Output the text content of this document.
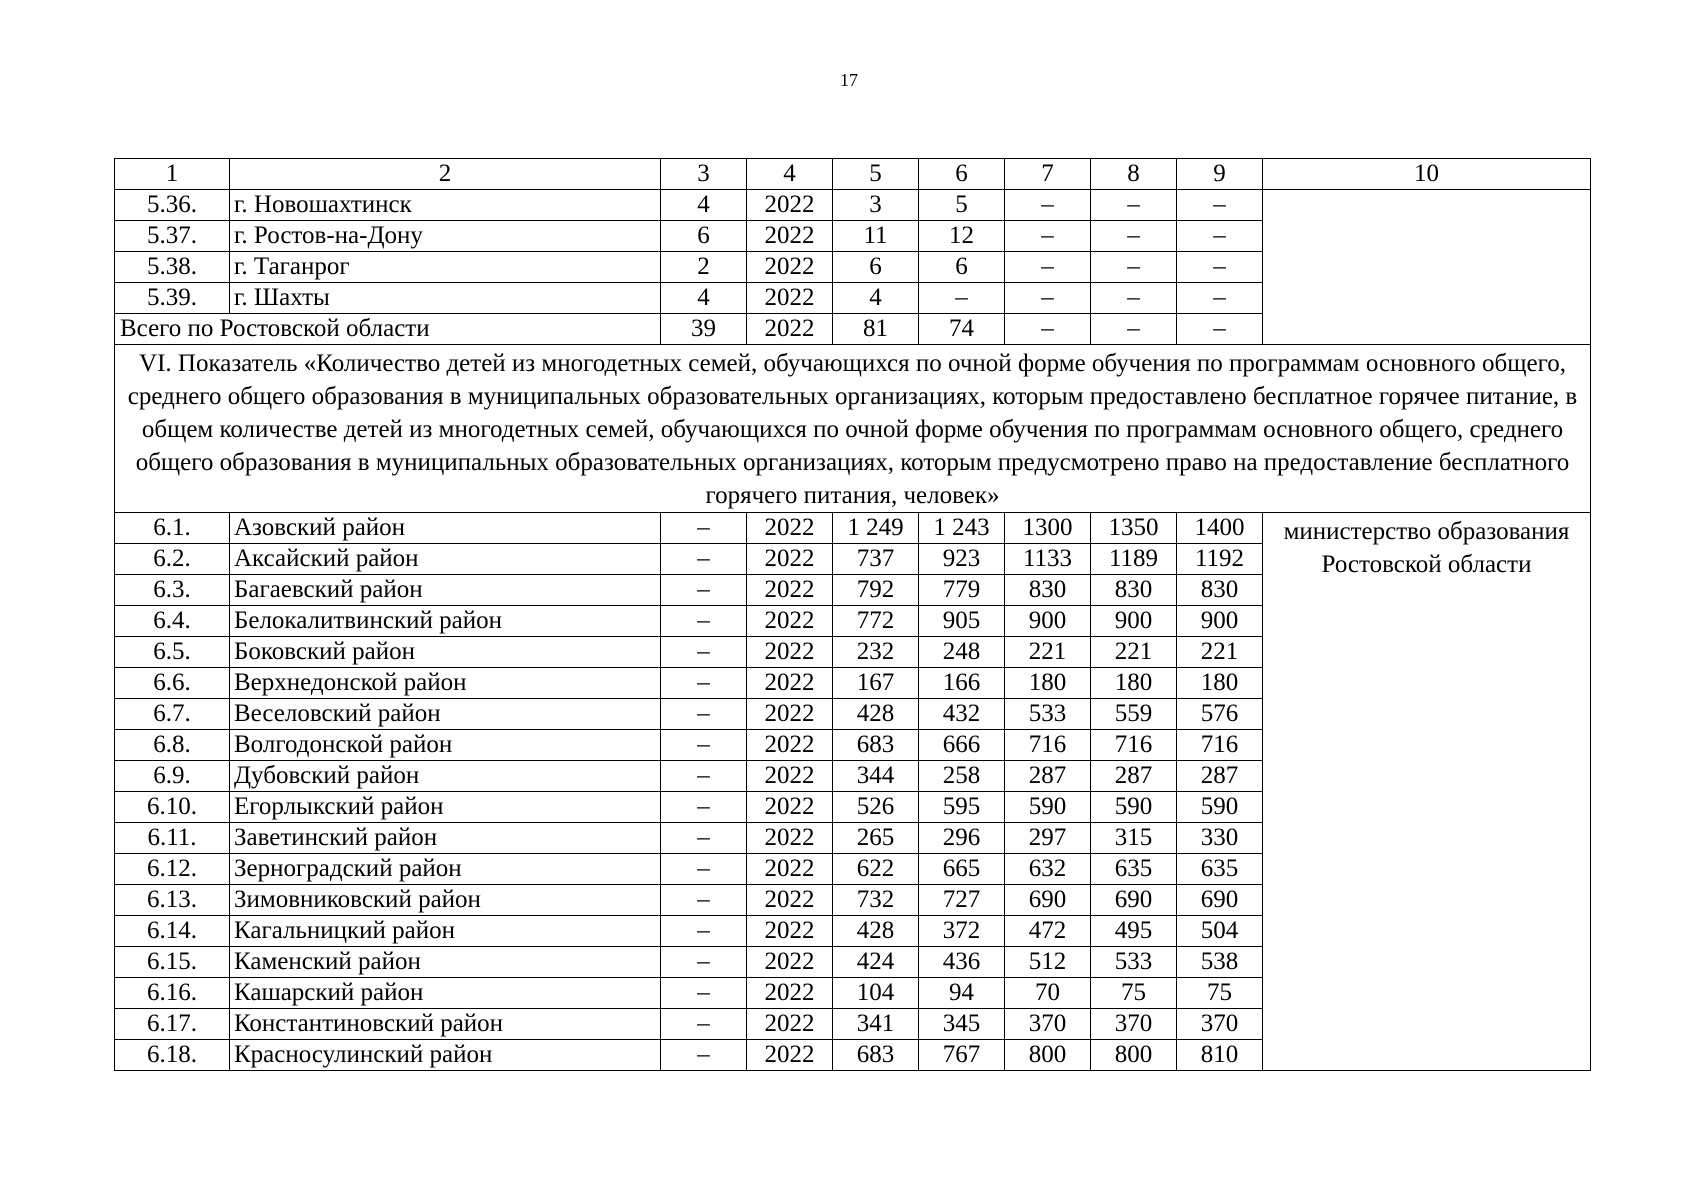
17
1	2	3	4	5	6	7	8	9	10
5.36.	г. Новошахтинск	4	2022	3	5	–	–	–	
5.37.	г. Ростов-на-Дону	6	2022	11	12	–	–	–	
5.38.	г. Таганрог	2	2022	6	6	–	–	–	
5.39.	г. Шахты	4	2022	4	–	–	–	–	
Всего по Ростовской области		39	2022	81	74	–	–	–	
VI. Показатель «Количество детей из многодетных семей, обучающихся по очной форме обучения по программам основного общего, среднего общего образования в муниципальных образовательных организациях, которым предоставлено бесплатное горячее питание, в общем количестве детей из многодетных семей, обучающихся по очной форме обучения по программам основного общего, среднего общего образования в муниципальных образовательных организациях, которым предусмотрено право на предоставление бесплатного горячего питания, человек»									
6.1.	Азовский район	–	2022	1 249	1 243	1300	1350	1400	министерство образования Ростовской области
6.2.	Аксайский район	–	2022	737	923	1133	1189	1192	
6.3.	Багаевский район	–	2022	792	779	830	830	830	
6.4.	Белокалитвинский район	–	2022	772	905	900	900	900	
6.5.	Боковский район	–	2022	232	248	221	221	221	
6.6.	Верхнедонской район	–	2022	167	166	180	180	180	
6.7.	Веселовский район	–	2022	428	432	533	559	576	
6.8.	Волгодонской район	–	2022	683	666	716	716	716	
6.9.	Дубовский район	–	2022	344	258	287	287	287	
6.10.	Егорлыкский район	–	2022	526	595	590	590	590	
6.11.	Заветинский район	–	2022	265	296	297	315	330	
6.12.	Зерноградский район	–	2022	622	665	632	635	635	
6.13.	Зимовниковский район	–	2022	732	727	690	690	690	
6.14.	Кагальницкий район	–	2022	428	372	472	495	504	
6.15.	Каменский район	–	2022	424	436	512	533	538	
6.16.	Кашарский район	–	2022	104	94	70	75	75	
6.17.	Константиновский район	–	2022	341	345	370	370	370	
6.18.	Красносулинский район	–	2022	683	767	800	800	810	
